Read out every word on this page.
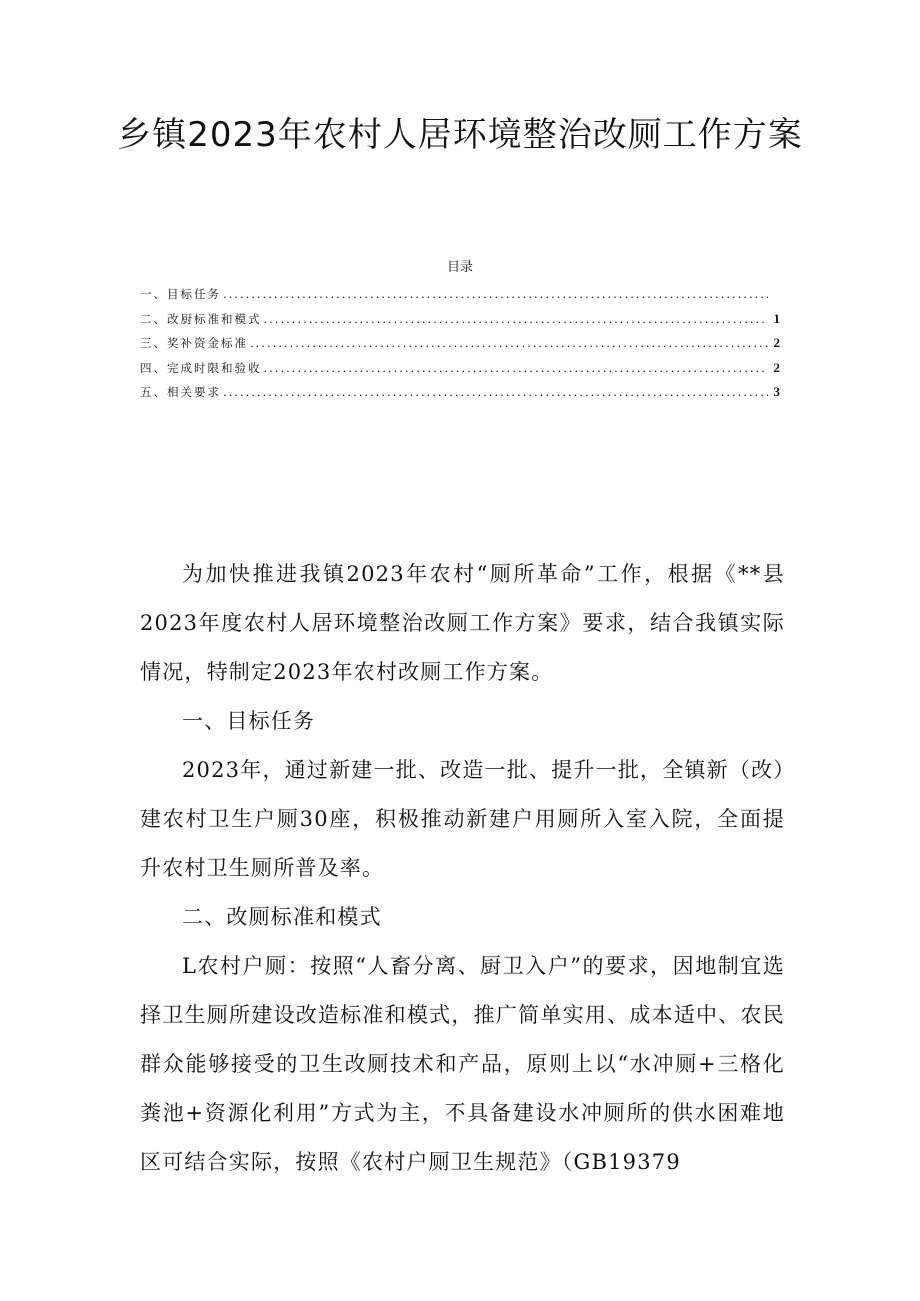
乡镇2023年农村人居环境整治改厕工作方案
目录
一、目标任务
.....
二、改厨标准和模式 .....	1
三、奖补资金标准 .....	2
四、完成时限和验收 .....	2
五、相关要求 .....	3

为加快推进我镇2023年农村“厕所革命”工作，根据《**县2023年度农村人居环境整治改厕工作方案》要求，结合我镇实际情况，特制定2023年农村改厕工作方案。

一、目标任务

2023年，通过新建一批、改造一批、提升一批，全镇新（改）建农村卫生户厕30座，积极推动新建户用厕所入室入院，全面提升农村卫生厕所普及率。

二、改厕标准和模式

L农村户厕：按照“人畜分离、厨卫入户”的要求，因地制宜选择卫生厕所建设改造标准和模式，推广简单实用、成本适中、农民群众能够接受的卫生改厕技术和产品，原则上以“水冲厕+三格化粪池+资源化利用”方式为主，不具备建设水冲厕所的供水困难地区可结合实际，按照《农村户厕卫生规范》（GB19379
